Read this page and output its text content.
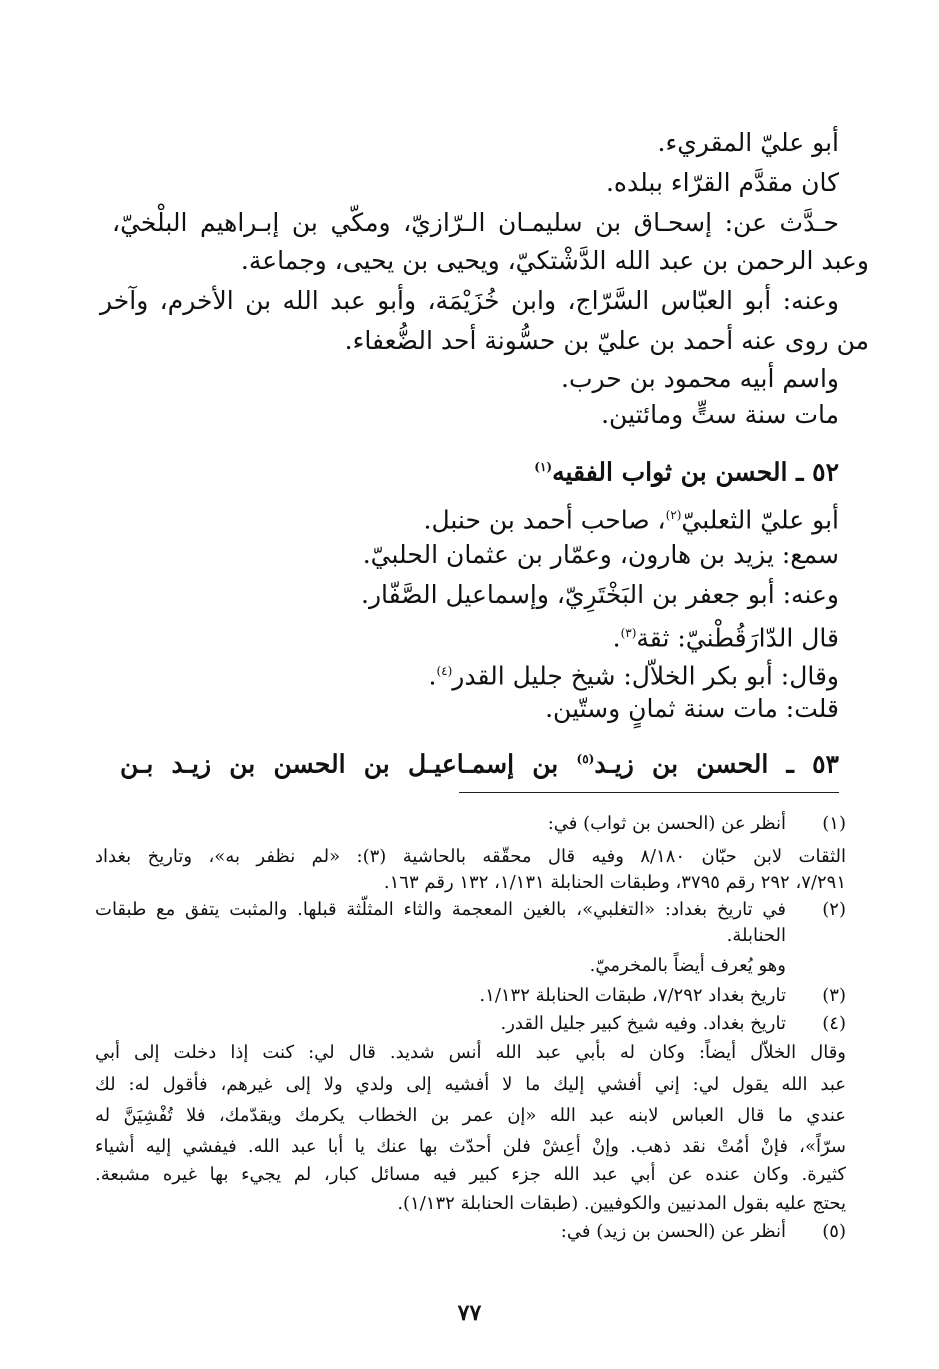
أبو عليّ المقريء.
كان مقدَّم القرّاء ببلده.
حـدَّث عن: إسحـاق بن سليمـان الـرّازيّ، ومكّي بن إبـراهيم البلْخيّ،
وعبد الرحمن بن عبد الله الدَّشْتكيّ، ويحيى بن يحيى، وجماعة.
وعنه: أبو العبّاس السَّرّاج، وابن خُزَيْمَة، وأبو عبد الله بن الأخرم، وآخر
من روى عنه أحمد بن عليّ بن حسُّونة أحد الضُّعفاء.
واسم أبيه محمود بن حرب.
مات سنة ستٍّ ومائتين.
٥٢ ـ الحسن بن ثواب الفقيه$^{(١)}$
أبو عليّ الثعلبيّ$^{(٢)}$، صاحب أحمد بن حنبل.
سمع: يزيد بن هارون، وعمّار بن عثمان الحلبيّ.
وعنه: أبو جعفر بن البَخْتَرِيّ، وإسماعيل الصَّفّار.
قال الدّارَقُطْنيّ: ثقة$^{(٣)}$.
وقال: أبو بكر الخلاّل: شيخ جليل القدر$^{(٤)}$.
قلت: مات سنة ثمانٍ وستّين.
٥٣ ـ الحسن بن زيـد$^{(٥)}$ بن إسمـاعيـل بن الحسن بن زيـد بـن
(١)
أنظر عن (الحسن بن ثواب) في:
الثقات لابن حبّان ٨/١٨٠ وفيه قال محقّقه بالحاشية (٣): «لم نظفر به»، وتاريخ بغداد
٧/٢٩١، ٢٩٢ رقم ٣٧٩٥، وطبقات الحنابلة ١/١٣١، ١٣٢ رقم ١٦٣.
(٢)
في تاريخ بغداد: «التغلبي»، بالغين المعجمة والثاء المثلّثة قبلها. والمثبت يتفق مع طبقات
الحنابلة.
وهو يُعرف أيضاً بالمخرميّ.
(٣)
تاريخ بغداد ٧/٢٩٢، طبقات الحنابلة ١/١٣٢.
(٤)
تاريخ بغداد. وفيه شيخ كبير جليل القدر.
وقال الخلاّل أيضاً: وكان له بأبي عبد الله أنس شديد. قال لي: كنت إذا دخلت إلى أبي
عبد الله يقول لي: إني أفشي إليك ما لا أفشيه إلى ولدي ولا إلى غيرهم، فأقول له: لك
عندي ما قال العباس لابنه عبد الله «إن عمر بن الخطاب يكرمك ويقدّمك، فلا تُفْشِيَنَّ له
سرّاً»، فإنْ أمُتْ نقد ذهب. وإنْ أعِشْ فلن أحدّث بها عنك يا أبا عبد الله. فيفشي إليه أشياء
كثيرة. وكان عنده عن أبي عبد الله جزء كبير فيه مسائل كبار، لم يجيء بها غيره مشبعة.
يحتج عليه بقول المدنيين والكوفيين. (طبقات الحنابلة ١/١٣٢).
(٥)
أنظر عن (الحسن بن زيد) في:
٧٧
